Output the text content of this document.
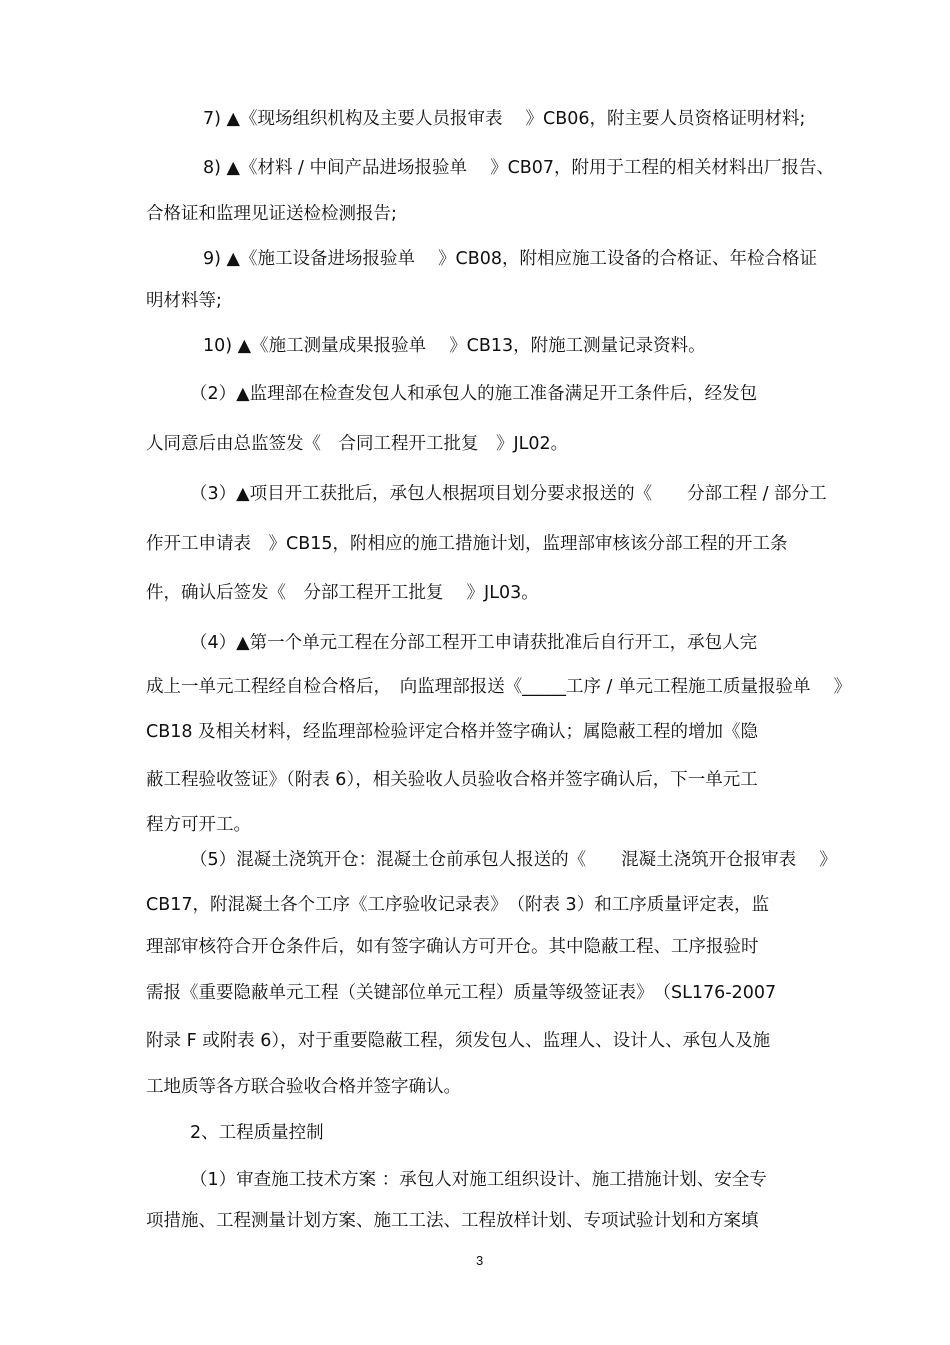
7) ▲《现场组织机构及主要人员报审表　 》CB06，附主要人员资格证明材料;
8) ▲《材料 / 中间产品进场报验单　 》CB07，附用于工程的相关材料出厂报告、
合格证和监理见证送检检测报告;
9) ▲《施工设备进场报验单　 》CB08，附相应施工设备的合格证、年检合格证
明材料等;
10) ▲《施工测量成果报验单　 》CB13，附施工测量记录资料。
（2）▲监理部在检查发包人和承包人的施工准备满足开工条件后，经发包
人同意后由总监签发《　合同工程开工批复　》JL02。
（3）▲项目开工获批后，承包人根据项目划分要求报送的《　　分部工程 / 部分工
作开工申请表　》CB15，附相应的施工措施计划，监理部审核该分部工程的开工条
件，确认后签发《　分部工程开工批复　 》JL03。
（4）▲第一个单元工程在分部工程开工申请获批准后自行开工，承包人完
成上一单元工程经自检合格后，　向监理部报送《_____工序 / 单元工程施工质量报验单　 》
CB18 及相关材料，经监理部检验评定合格并签字确认；属隐蔽工程的增加《隐
蔽工程验收签证》（附表 6），相关验收人员验收合格并签字确认后，下一单元工
程方可开工。
（5）混凝土浇筑开仓：混凝土仓前承包人报送的《　　混凝土浇筑开仓报审表　 》
CB17，附混凝土各个工序《工序验收记录表》　（附表 3）和工序质量评定表，监
理部审核符合开仓条件后，如有签字确认方可开仓。其中隐蔽工程、工序报验时
需报《重要隐蔽单元工程（关键部位单元工程）质量等级签证表》　（SL176-2007
附录 F 或附表 6），对于重要隐蔽工程，须发包人、监理人、设计人、承包人及施
工地质等各方联合验收合格并签字确认。
2、工程质量控制
（1）审查施工技术方案 ：承包人对施工组织设计、施工措施计划、安全专
项措施、工程测量计划方案、施工工法、工程放样计划、专项试验计划和方案填
3
